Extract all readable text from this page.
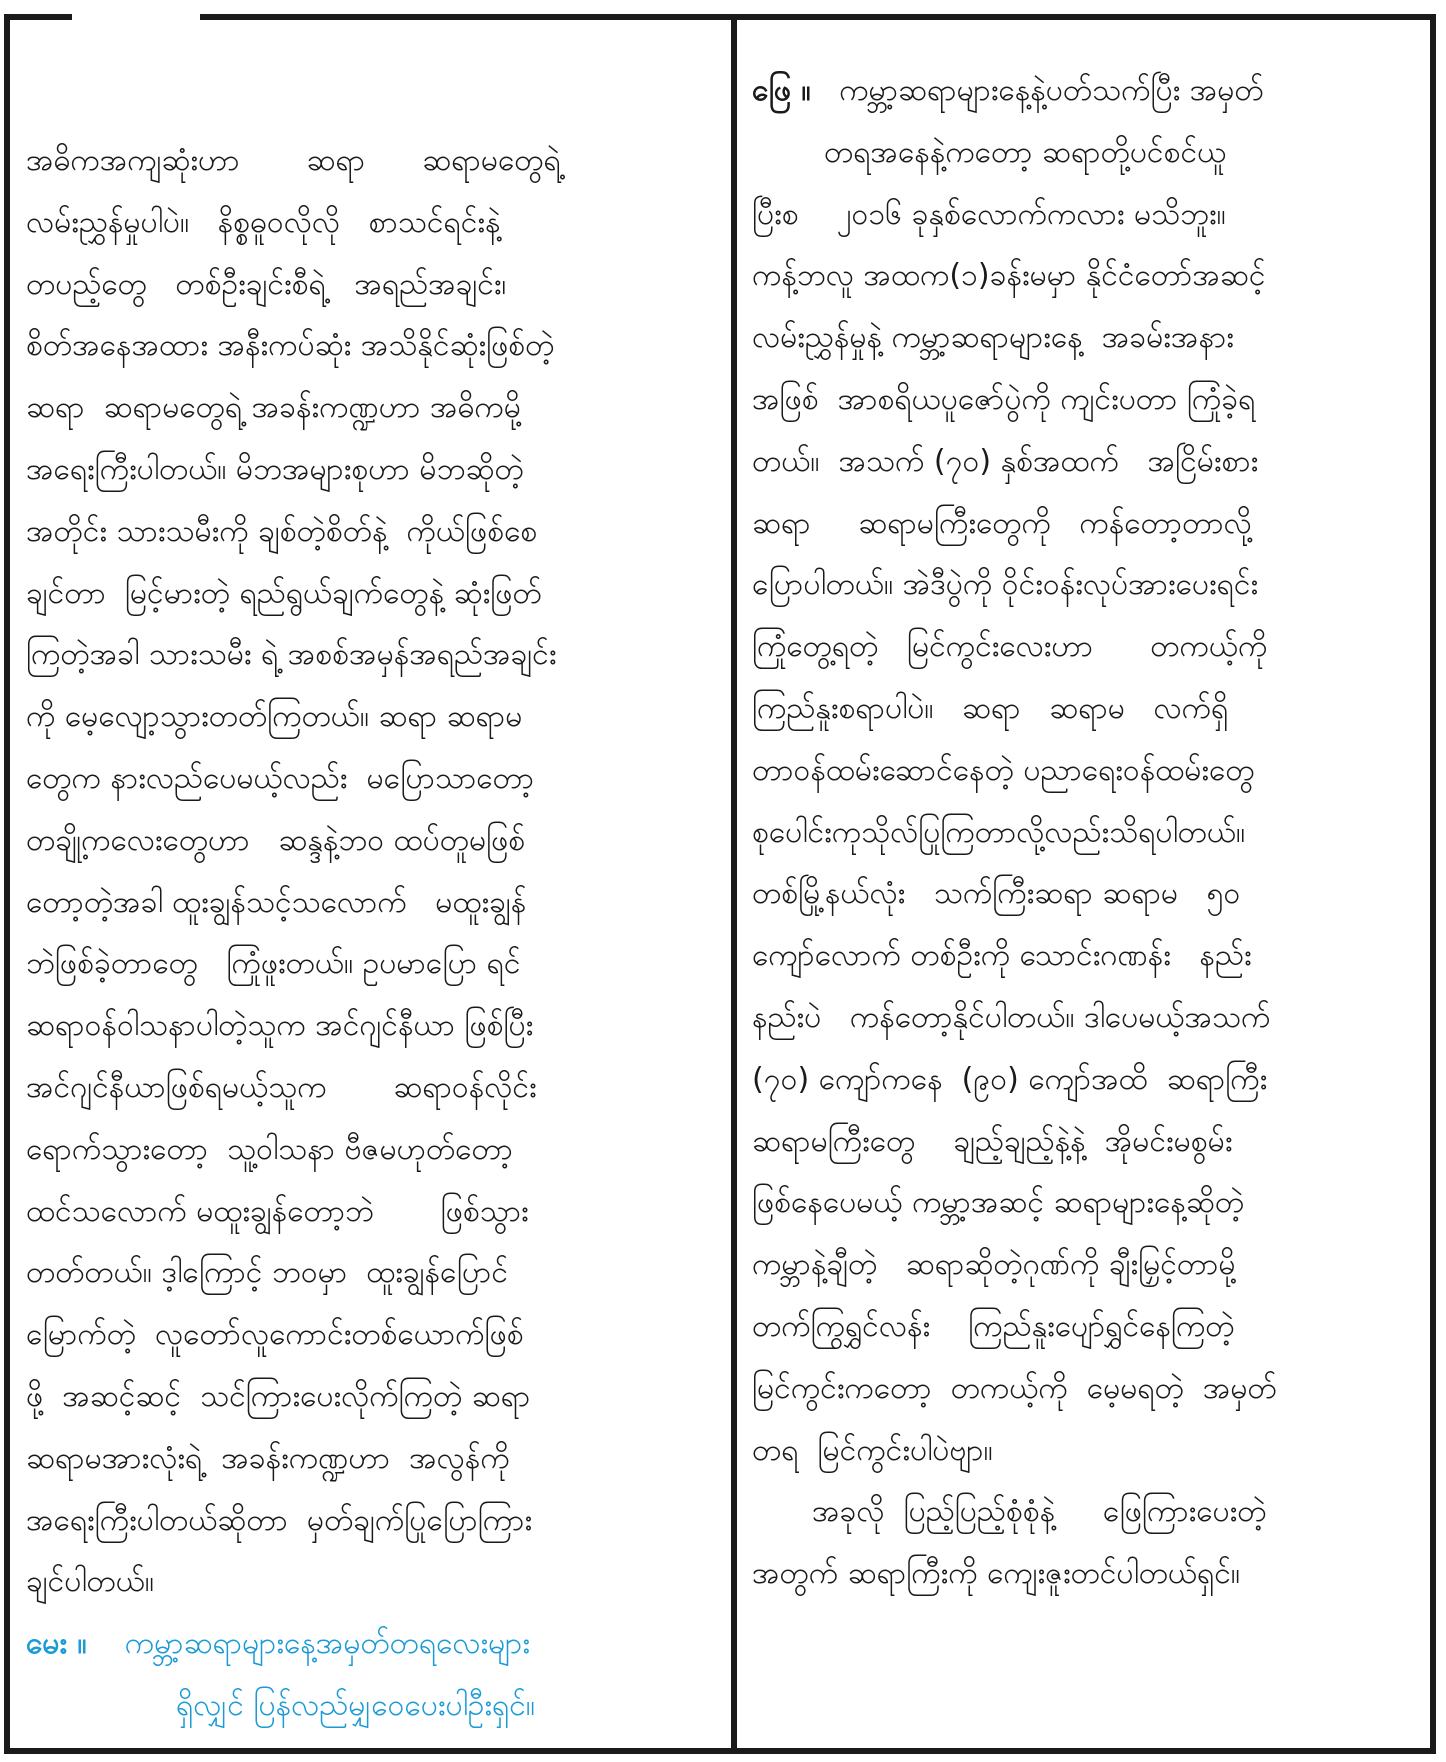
အဓိကအကျဆုံးဟာ       ဆရာ      ဆရာမတွေရဲ့

လမ်းညွှန်မှုပါပဲ။   နိစ္စဓူဝလိုလို   စာသင်ရင်းနဲ့

တပည့်တွေ   တစ်ဦးချင်းစီရဲ့   အရည်အချင်း၊

စိတ်အနေအထား အနီးကပ်ဆုံး အသိနိုင်ဆုံးဖြစ်တဲ့

ဆရာ  ဆရာမတွေရဲ့ အခန်းကဏ္ဍဟာ အဓိကမို့

အရေးကြီးပါတယ်။ မိဘအများစုဟာ မိဘဆိုတဲ့

အတိုင်း သားသမီးကို ချစ်တဲ့စိတ်နဲ့  ကိုယ်ဖြစ်စေ

ချင်တာ  မြင့်မားတဲ့ ရည်ရွယ်ချက်တွေနဲ့ ဆုံးဖြတ်

ကြတဲ့အခါ သားသမီး ရဲ့ အစစ်အမှန်အရည်အချင်း

ကို မေ့လျော့သွားတတ်ကြတယ်။ ဆရာ ဆရာမ

တွေက နားလည်ပေမယ့်လည်း  မပြောသာတော့

တချို့ကလေးတွေဟာ   ဆန္ဒနဲ့ဘဝ ထပ်တူမဖြစ်

တော့တဲ့အခါ ထူးချွန်သင့်သလောက်   မထူးချွန်

ဘဲဖြစ်ခဲ့တာတွေ   ကြုံဖူးတယ်။ ဥပမာပြော ရင်

ဆရာဝန်ဝါသနာပါတဲ့သူက အင်ဂျင်နီယာ ဖြစ်ပြီး

အင်ဂျင်နီယာဖြစ်ရမယ့်သူက       ဆရာဝန်လိုင်း

ရောက်သွားတော့  သူ့ဝါသနာ ဗီဇမဟုတ်တော့

ထင်သလောက် မထူးချွန်တော့ဘဲ       ဖြစ်သွား

တတ်တယ်။ ဒ့ါကြောင့် ဘဝမှာ  ထူးချွန်ပြောင်

မြောက်တဲ့  လူတော်လူကောင်းတစ်ယောက်ဖြစ်

ဖို့  အဆင့်ဆင့်  သင်ကြားပေးလိုက်ကြတဲ့ ဆရာ

ဆရာမအားလုံးရဲ့  အခန်းကဏ္ဍဟာ  အလွန်ကို

အရေးကြီးပါတယ်ဆိုတာ  မှတ်ချက်ပြုပြောကြား

ချင်ပါတယ်။

မေး ။ ကမ္ဘာ့ဆရာများနေ့အမှတ်တရလေးများ

ရှိလျှင် ပြန်လည်မျှဝေပေးပါဦးရှင်။

ဖြေ ။   ကမ္ဘာ့ဆရာများနေ့နဲ့ပတ်သက်ပြီး အမှတ်

တရအနေနဲ့ကတော့ ဆရာတို့ပင်စင်ယူ

ပြီးစ    ၂၀၁၆ ခုနှစ်လောက်ကလား မသိဘူး။

ကန့်ဘလူ အထက(၁)ခန်းမမှာ နိုင်ငံတော်အဆင့်

လမ်းညွှန်မှုနဲ့ ကမ္ဘာ့ဆရာများနေ့  အခမ်းအနား

အဖြစ်  အာစရိယပူဇော်ပွဲကို ကျင်းပတာ ကြုံခဲ့ရ

တယ်။  အသက် (၇၀) နှစ်အထက်   အငြိမ်းစား

ဆရာ     ဆရာမကြီးတွေကို   ကန်တော့တာလို့

ပြောပါတယ်။ အဲဒီပွဲကို ဝိုင်းဝန်းလုပ်အားပေးရင်း

ကြုံတွေ့ရတဲ့   မြင်ကွင်းလေးဟာ      တကယ့်ကို

ကြည်နူးစရာပါပဲ။   ဆရာ   ဆရာမ   လက်ရှိ

တာဝန်ထမ်းဆောင်နေတဲ့ ပညာရေးဝန်ထမ်းတွေ

စုပေါင်းကုသိုလ်ပြုကြတာလို့လည်းသိရပါတယ်။

တစ်မြို့နယ်လုံး   သက်ကြီးဆရာ ဆရာမ   ၅၀

ကျော်လောက် တစ်ဦးကို သောင်းဂဏန်း   နည်း

နည်းပဲ   ကန်တော့နိုင်ပါတယ်။ ဒါပေမယ့်အသက်

(၇၀) ကျော်ကနေ  (၉၀) ကျော်အထိ  ဆရာကြီး

ဆရာမကြီးတွေ    ချည့်ချည့်နဲ့နဲ့  အိုမင်းမစွမ်း

ဖြစ်နေပေမယ့် ကမ္ဘာ့အဆင့် ဆရာများနေ့ဆိုတဲ့

ကမ္ဘာနဲ့ချီတဲ့   ဆရာဆိုတဲ့ဂုဏ်ကို ချီးမြှင့်တာမို့

တက်ကြွရွှင်လန်း    ကြည်နူးပျော်ရွှင်နေကြတဲ့

မြင်ကွင်းကတော့  တကယ့်ကို  မေ့မရတဲ့  အမှတ်

တရ  မြင်ကွင်းပါပဲဗျာ။

အခုလို  ပြည့်ပြည့်စုံစုံနဲ့     ဖြေကြားပေးတဲ့

အတွက် ဆရာကြီးကို ကျေးဇူးတင်ပါတယ်ရှင်။
